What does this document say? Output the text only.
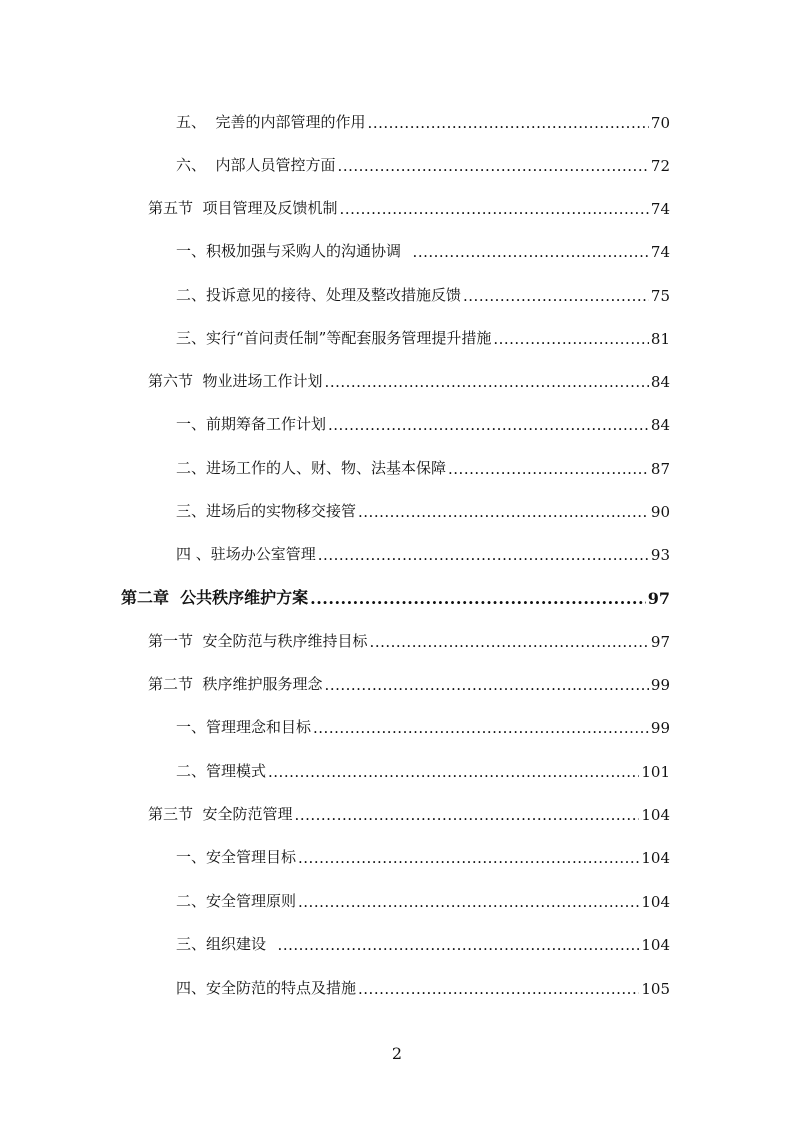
五、  完善的内部管理的作用 .....	70
六、  内部人员管控方面 .....	72
第五节  项目管理及反馈机制 .....	74
一、积极加强与采购人的沟通协调 .....	74
二、投诉意见的接待、处理及整改措施反馈 .....	75
三、实行“首问责任制”等配套服务管理提升措施 .....	81
第六节  物业进场工作计划 .....	84
一、前期筹备工作计划 .....	84
二、进场工作的人、财、物、法基本保障 .....	87
三、进场后的实物移交接管 .....	90
四 、驻场办公室管理 .....	93
第二章  公共秩序维护方案 .....	97
第一节  安全防范与秩序维持目标 .....	97
第二节  秩序维护服务理念 .....	99
一、管理理念和目标 .....	99
二、管理模式 .....	101
第三节  安全防范管理 .....	104
一、安全管理目标 .....	104
二、安全管理原则 .....	104
三、组织建设 .....	104
四、安全防范的特点及措施 .....	105
2
